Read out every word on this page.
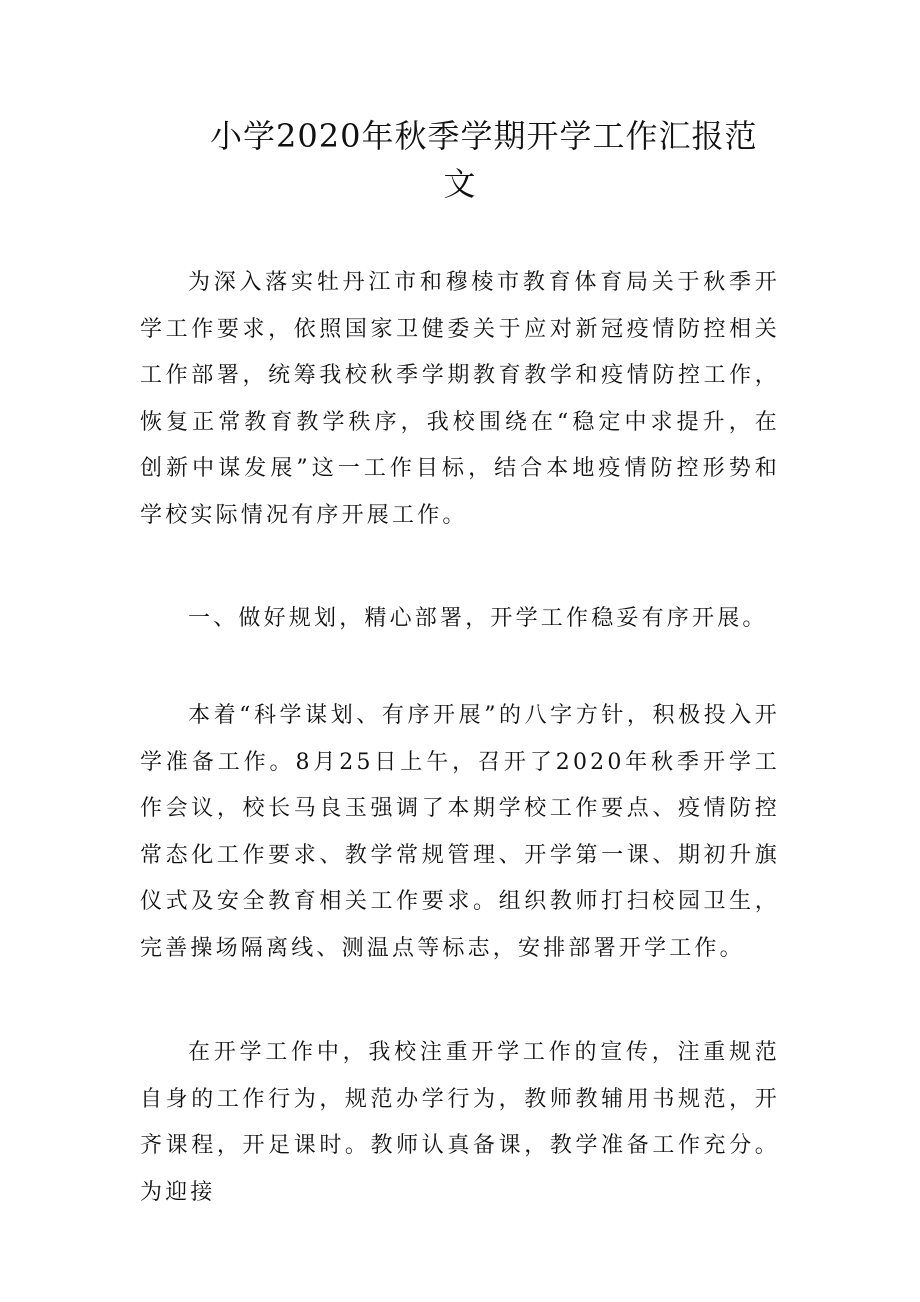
小学2020年秋季学期开学工作汇报范
文

为深入落实牡丹江市和穆棱市教育体育局关于秋季开学工作要求，依照国家卫健委关于应对新冠疫情防控相关工作部署，统筹我校秋季学期教育教学和疫情防控工作，恢复正常教育教学秩序，我校围绕在“稳定中求提升，在创新中谋发展”这一工作目标，结合本地疫情防控形势和学校实际情况有序开展工作。

一、做好规划，精心部署，开学工作稳妥有序开展。

本着“科学谋划、有序开展”的八字方针，积极投入开学准备工作。8月25日上午，召开了2020年秋季开学工作会议，校长马良玉强调了本期学校工作要点、疫情防控常态化工作要求、教学常规管理、开学第一课、期初升旗仪式及安全教育相关工作要求。组织教师打扫校园卫生，完善操场隔离线、测温点等标志，安排部署开学工作。

在开学工作中，我校注重开学工作的宣传，注重规范自身的工作行为，规范办学行为，教师教辅用书规范，开齐课程，开足课时。教师认真备课，教学准备工作充分。为迎接
